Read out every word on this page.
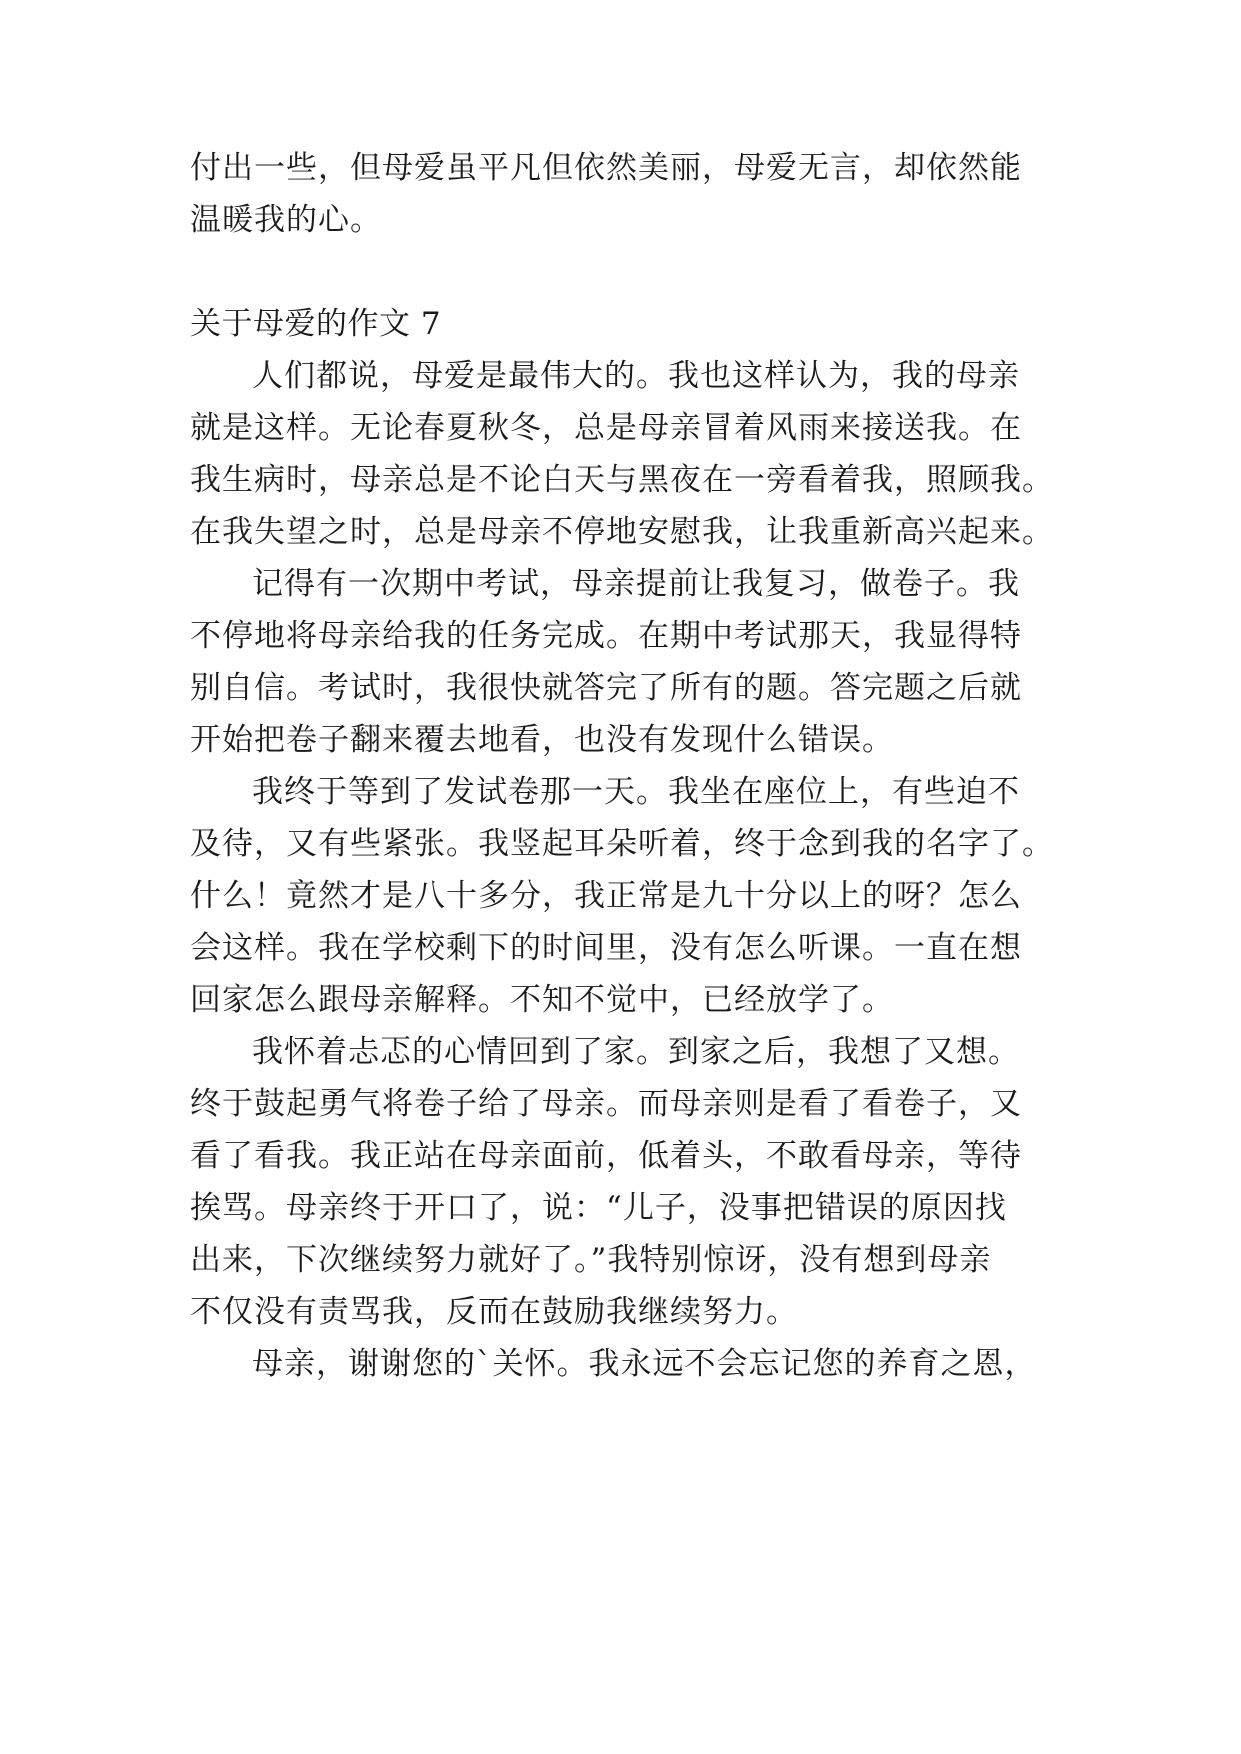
付出一些，但母爱虽平凡但依然美丽，母爱无言，却依然能
温暖我的心。
关于母爱的作文 7
人们都说，母爱是最伟大的。我也这样认为，我的母亲
就是这样。无论春夏秋冬，总是母亲冒着风雨来接送我。在
我生病时，母亲总是不论白天与黑夜在一旁看着我，照顾我。
在我失望之时，总是母亲不停地安慰我，让我重新高兴起来。
记得有一次期中考试，母亲提前让我复习，做卷子。我
不停地将母亲给我的任务完成。在期中考试那天，我显得特
别自信。考试时，我很快就答完了所有的题。答完题之后就
开始把卷子翻来覆去地看，也没有发现什么错误。
我终于等到了发试卷那一天。我坐在座位上，有些迫不
及待，又有些紧张。我竖起耳朵听着，终于念到我的名字了。
什么！竟然才是八十多分，我正常是九十分以上的呀？怎么
会这样。我在学校剩下的时间里，没有怎么听课。一直在想
回家怎么跟母亲解释。不知不觉中，已经放学了。
我怀着忐忑的心情回到了家。到家之后，我想了又想。
终于鼓起勇气将卷子给了母亲。而母亲则是看了看卷子，又
看了看我。我正站在母亲面前，低着头，不敢看母亲，等待
挨骂。母亲终于开口了，说：“儿子，没事把错误的原因找
出来，下次继续努力就好了。”我特别惊讶，没有想到母亲
不仅没有责骂我，反而在鼓励我继续努力。
母亲，谢谢您的`关怀。我永远不会忘记您的养育之恩，
